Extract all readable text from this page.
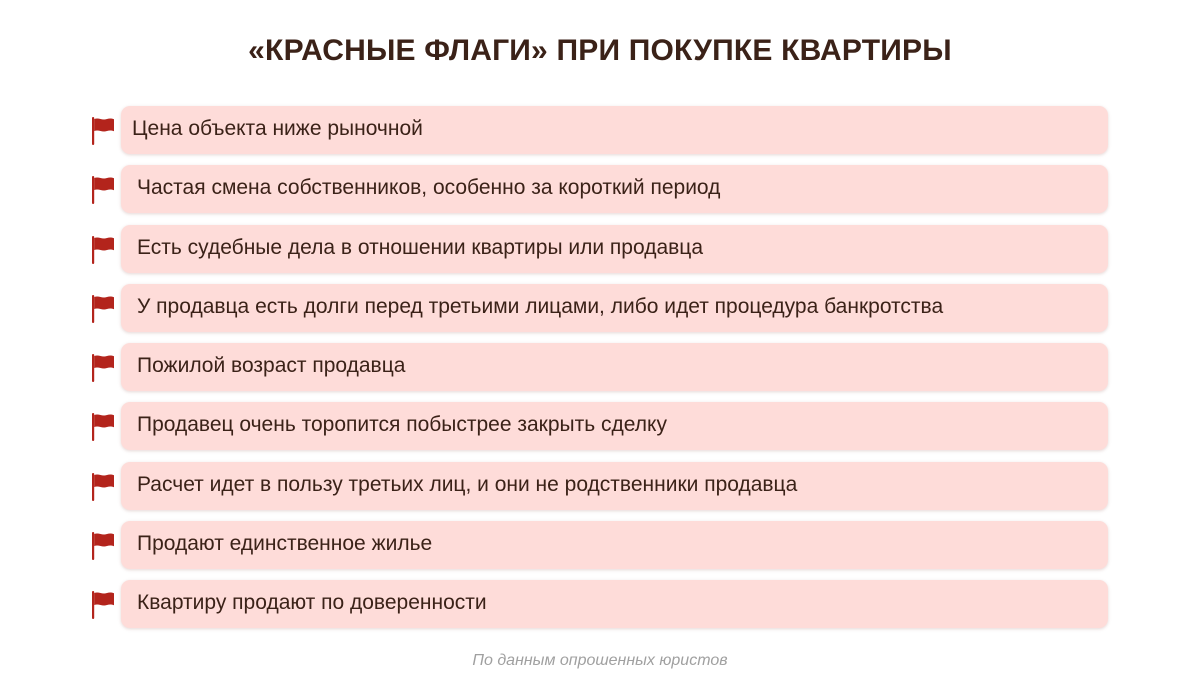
«КРАСНЫЕ ФЛАГИ» ПРИ ПОКУПКЕ КВАРТИРЫ
Цена объекта ниже рыночной
Частая смена собственников, особенно за короткий период
Есть судебные дела в отношении квартиры или продавца
У продавца есть долги перед третьими лицами, либо идет процедура банкротства
Пожилой возраст продавца
Продавец очень торопится побыстрее закрыть сделку
Расчет идет в пользу третьих лиц, и они не родственники продавца
Продают единственное жилье
Квартиру продают по доверенности
По данным опрошенных юристов
